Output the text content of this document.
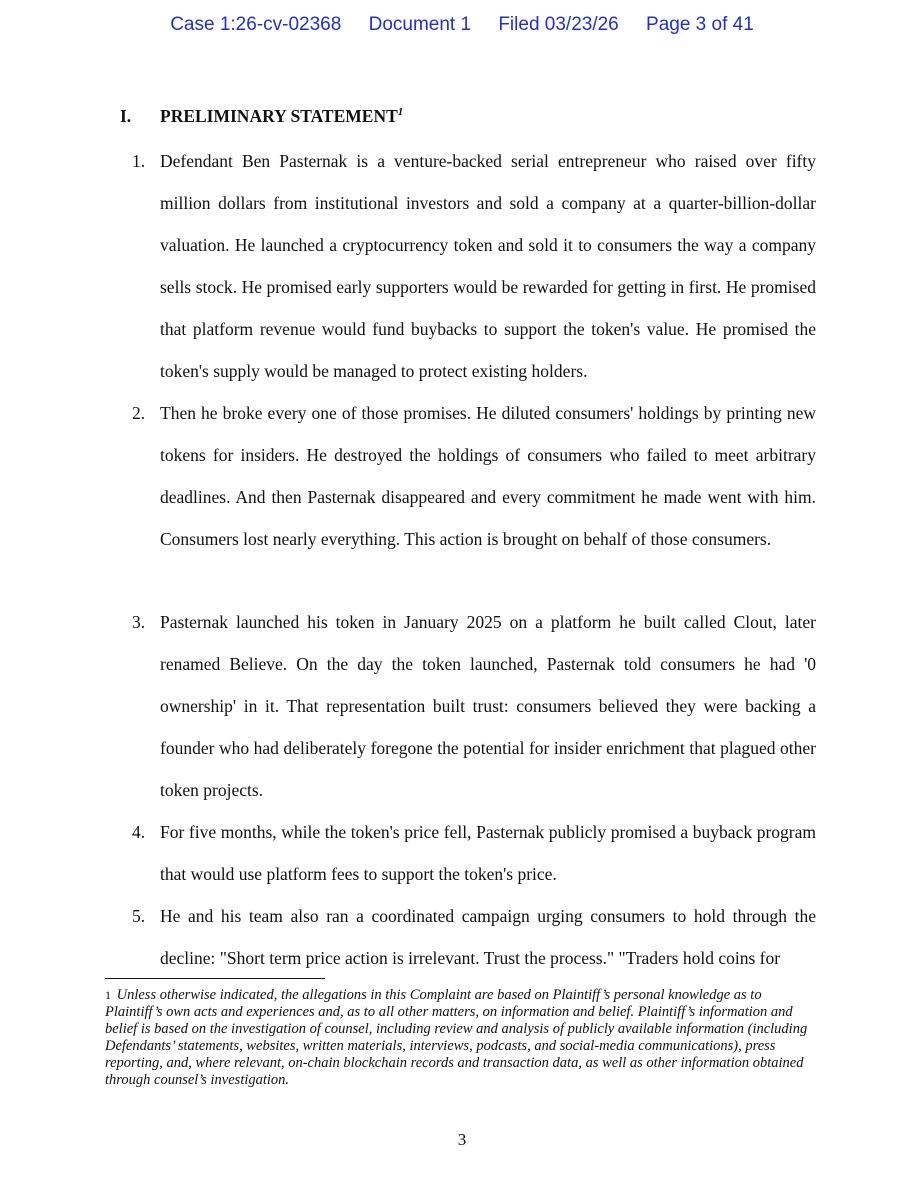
Case 1:26-cv-02368 Document 1 Filed 03/23/26 Page 3 of 41
I. PRELIMINARY STATEMENT$^1$

1. Defendant Ben Pasternak is a venture-backed serial entrepreneur who raised over fifty million dollars from institutional investors and sold a company at a quarter-billion-dollar valuation. He launched a cryptocurrency token and sold it to consumers the way a company sells stock. He promised early supporters would be rewarded for getting in first. He promised that platform revenue would fund buybacks to support the token's value. He promised the token's supply would be managed to protect existing holders.

2. Then he broke every one of those promises. He diluted consumers' holdings by printing new tokens for insiders. He destroyed the holdings of consumers who failed to meet arbitrary deadlines. And then Pasternak disappeared and every commitment he made went with him. Consumers lost nearly everything. This action is brought on behalf of those consumers.

3. Pasternak launched his token in January 2025 on a platform he built called Clout, later renamed Believe. On the day the token launched, Pasternak told consumers he had '0 ownership' in it. That representation built trust: consumers believed they were backing a founder who had deliberately foregone the potential for insider enrichment that plagued other token projects.

4. For five months, while the token's price fell, Pasternak publicly promised a buyback program that would use platform fees to support the token's price.

5. He and his team also ran a coordinated campaign urging consumers to hold through the decline: "Short term price action is irrelevant. Trust the process." "Traders hold coins for

$^1$ Unless otherwise indicated, the allegations in this Complaint are based on Plaintiff’s personal knowledge as to Plaintiff’s own acts and experiences and, as to all other matters, on information and belief. Plaintiff’s information and belief is based on the investigation of counsel, including review and analysis of publicly available information (including Defendants’ statements, websites, written materials, interviews, podcasts, and social-media communications), press reporting, and, where relevant, on-chain blockchain records and transaction data, as well as other information obtained through counsel’s investigation.

3
